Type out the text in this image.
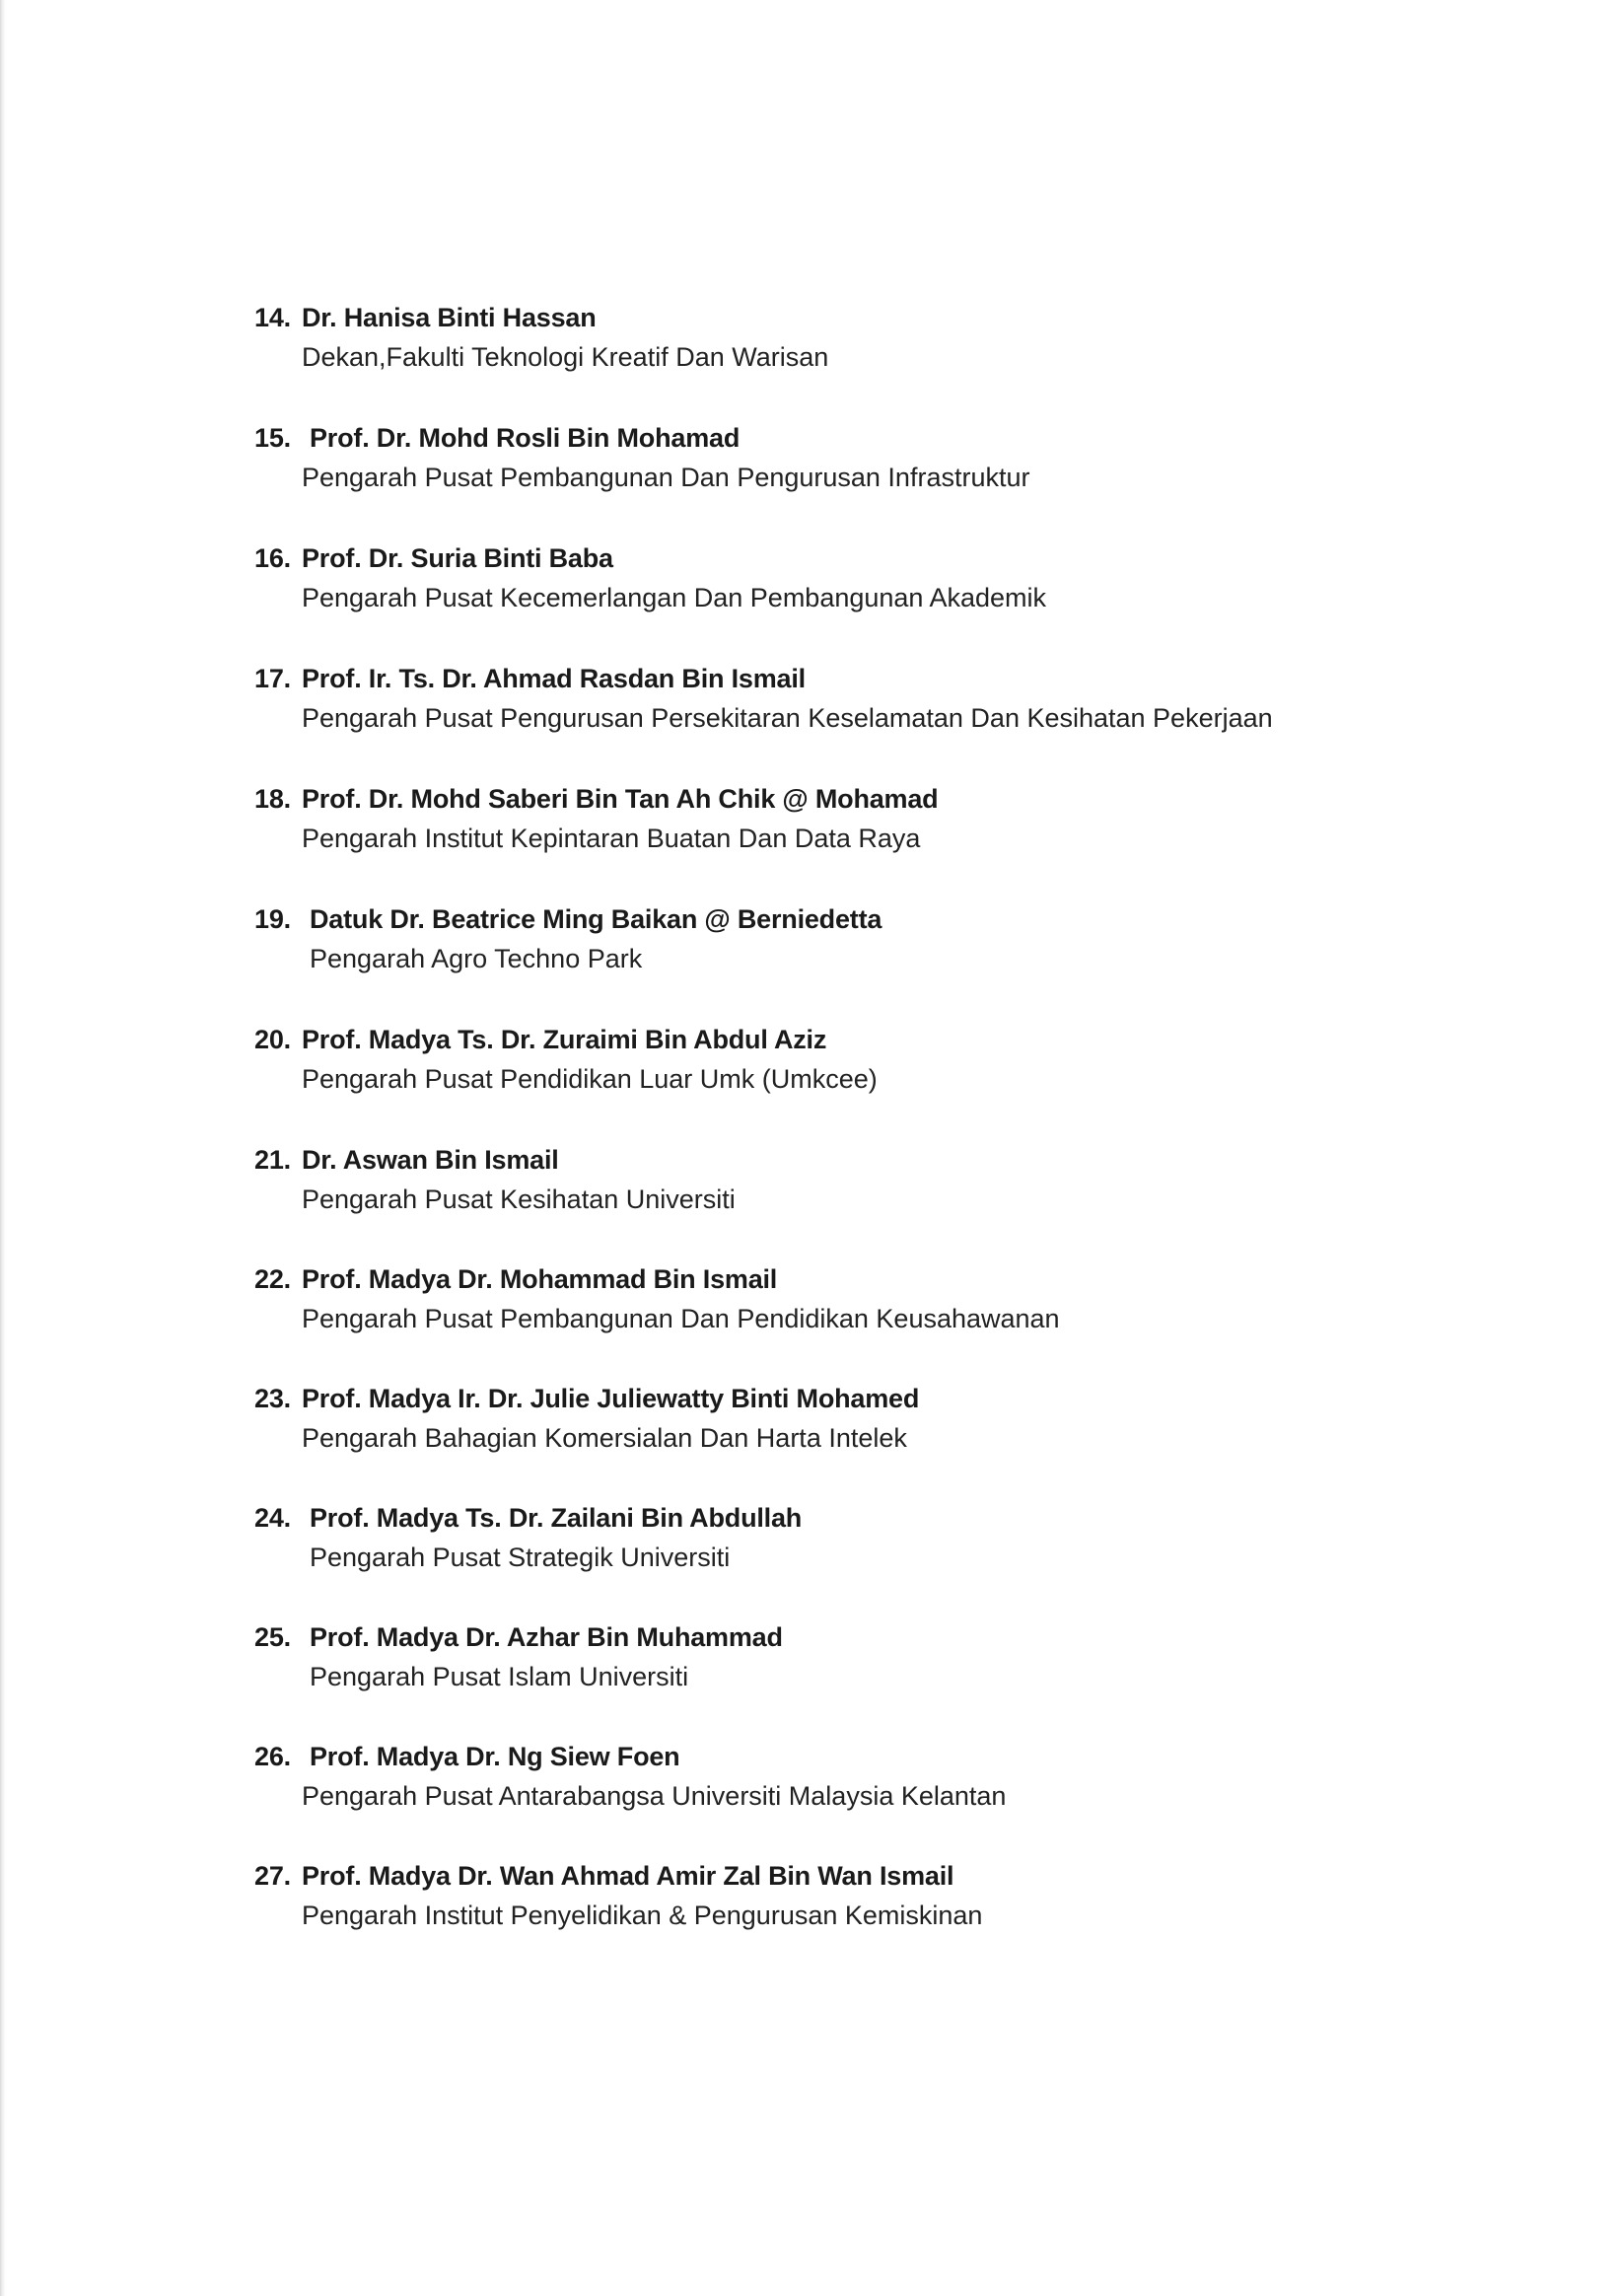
14. Dr. Hanisa Binti Hassan
Dekan,Fakulti Teknologi Kreatif Dan Warisan
15. Prof. Dr. Mohd Rosli Bin Mohamad
Pengarah Pusat Pembangunan Dan Pengurusan Infrastruktur
16. Prof. Dr. Suria Binti Baba
Pengarah Pusat Kecemerlangan Dan Pembangunan Akademik
17. Prof. Ir. Ts. Dr. Ahmad Rasdan Bin Ismail
Pengarah Pusat Pengurusan Persekitaran Keselamatan Dan Kesihatan Pekerjaan
18. Prof. Dr. Mohd Saberi Bin Tan Ah Chik @ Mohamad
Pengarah Institut Kepintaran Buatan Dan Data Raya
19. Datuk Dr. Beatrice Ming Baikan @ Berniedetta
Pengarah Agro Techno Park
20. Prof. Madya Ts. Dr. Zuraimi Bin Abdul Aziz
Pengarah Pusat Pendidikan Luar Umk (Umkcee)
21. Dr. Aswan Bin Ismail
Pengarah Pusat Kesihatan Universiti
22. Prof. Madya Dr. Mohammad Bin Ismail
Pengarah Pusat Pembangunan Dan Pendidikan Keusahawanan
23. Prof. Madya Ir. Dr. Julie Juliewatty Binti Mohamed
Pengarah Bahagian Komersialan Dan Harta Intelek
24. Prof. Madya Ts. Dr. Zailani Bin Abdullah
Pengarah Pusat Strategik Universiti
25. Prof. Madya Dr. Azhar Bin Muhammad
Pengarah Pusat Islam Universiti
26. Prof. Madya Dr. Ng Siew Foen
Pengarah Pusat Antarabangsa Universiti Malaysia Kelantan
27. Prof. Madya Dr. Wan Ahmad Amir Zal Bin Wan Ismail
Pengarah Institut Penyelidikan & Pengurusan Kemiskinan
